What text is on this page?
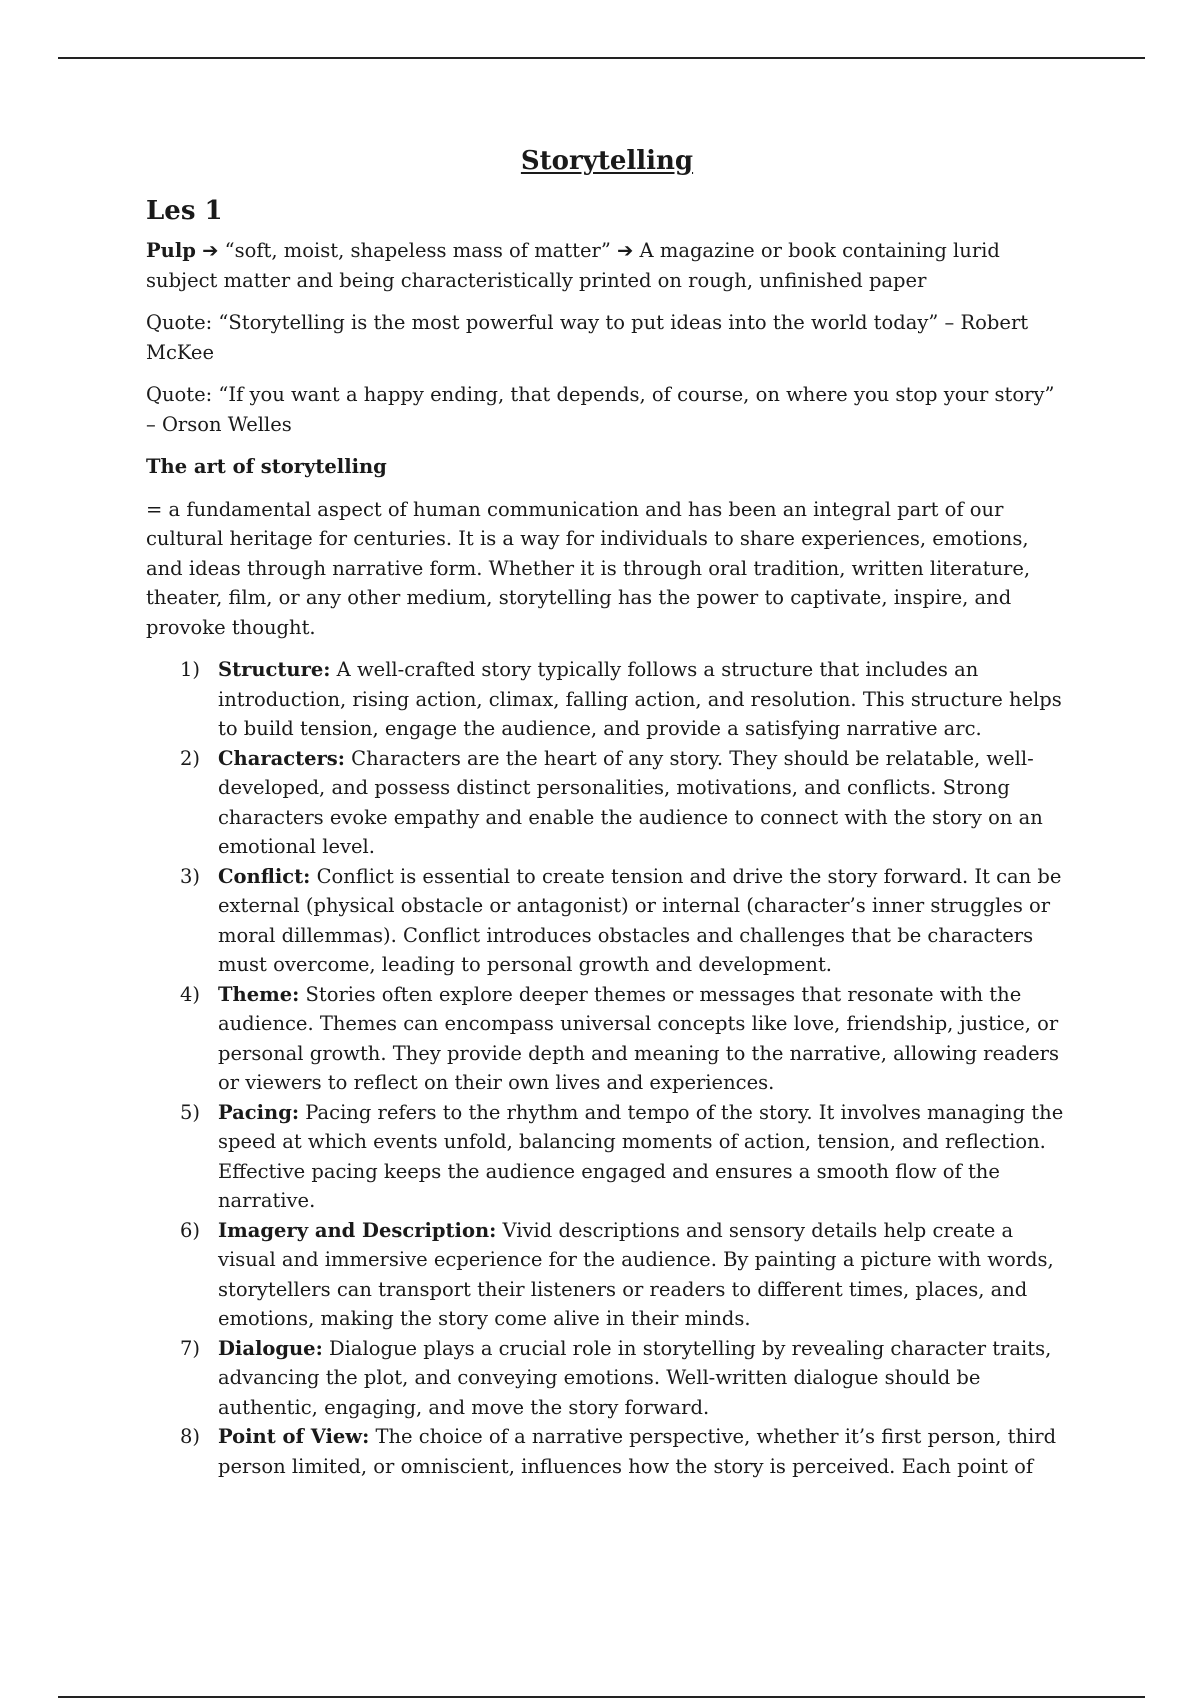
Storytelling
Les 1

Pulp ➔ “soft, moist, shapeless mass of matter” ➔ A magazine or book containing lurid subject matter and being characteristically printed on rough, unfinished paper

Quote: “Storytelling is the most powerful way to put ideas into the world today” – Robert McKee

Quote: “If you want a happy ending, that depends, of course, on where you stop your story” – Orson Welles

The art of storytelling

= a fundamental aspect of human communication and has been an integral part of our cultural heritage for centuries. It is a way for individuals to share experiences, emotions, and ideas through narrative form. Whether it is through oral tradition, written literature, theater, film, or any other medium, storytelling has the power to captivate, inspire, and provoke thought.

1) Structure: A well-crafted story typically follows a structure that includes an introduction, rising action, climax, falling action, and resolution. This structure helps to build tension, engage the audience, and provide a satisfying narrative arc.
2) Characters: Characters are the heart of any story. They should be relatable, well-developed, and possess distinct personalities, motivations, and conflicts. Strong characters evoke empathy and enable the audience to connect with the story on an emotional level.
3) Conflict: Conflict is essential to create tension and drive the story forward. It can be external (physical obstacle or antagonist) or internal (character’s inner struggles or moral dillemmas). Conflict introduces obstacles and challenges that be characters must overcome, leading to personal growth and development.
4) Theme: Stories often explore deeper themes or messages that resonate with the audience. Themes can encompass universal concepts like love, friendship, justice, or personal growth. They provide depth and meaning to the narrative, allowing readers or viewers to reflect on their own lives and experiences.
5) Pacing: Pacing refers to the rhythm and tempo of the story. It involves managing the speed at which events unfold, balancing moments of action, tension, and reflection. Effective pacing keeps the audience engaged and ensures a smooth flow of the narrative.
6) Imagery and Description: Vivid descriptions and sensory details help create a visual and immersive ecperience for the audience. By painting a picture with words, storytellers can transport their listeners or readers to different times, places, and emotions, making the story come alive in their minds.
7) Dialogue: Dialogue plays a crucial role in storytelling by revealing character traits, advancing the plot, and conveying emotions. Well-written dialogue should be authentic, engaging, and move the story forward.
8) Point of View: The choice of a narrative perspective, whether it’s first person, third person limited, or omniscient, influences how the story is perceived. Each point of
